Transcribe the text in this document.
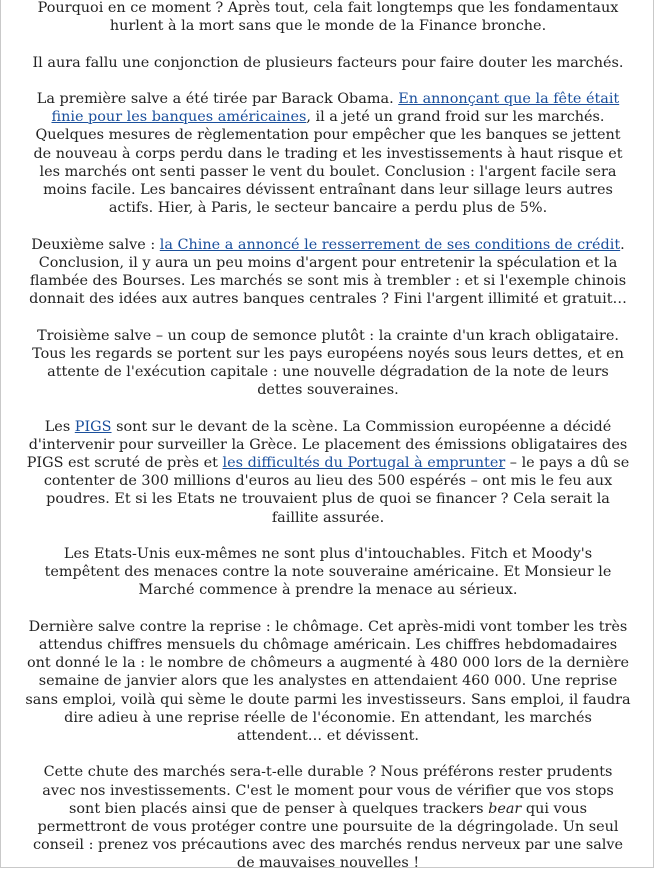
Pourquoi en ce moment ? Après tout, cela fait longtemps que les fondamentaux hurlent à la mort sans que le monde de la Finance bronche.

Il aura fallu une conjonction de plusieurs facteurs pour faire douter les marchés.

La première salve a été tirée par Barack Obama. En annonçant que la fête était finie pour les banques américaines, il a jeté un grand froid sur les marchés. Quelques mesures de règlementation pour empêcher que les banques se jettent de nouveau à corps perdu dans le trading et les investissements à haut risque et les marchés ont senti passer le vent du boulet. Conclusion : l'argent facile sera moins facile. Les bancaires dévissent entraînant dans leur sillage leurs autres actifs. Hier, à Paris, le secteur bancaire a perdu plus de 5%.

Deuxième salve : la Chine a annoncé le resserrement de ses conditions de crédit. Conclusion, il y aura un peu moins d'argent pour entretenir la spéculation et la flambée des Bourses. Les marchés se sont mis à trembler : et si l'exemple chinois donnait des idées aux autres banques centrales ? Fini l'argent illimité et gratuit…

Troisième salve – un coup de semonce plutôt : la crainte d'un krach obligataire. Tous les regards se portent sur les pays européens noyés sous leurs dettes, et en attente de l'exécution capitale : une nouvelle dégradation de la note de leurs dettes souveraines.

Les PIGS sont sur le devant de la scène. La Commission européenne a décidé d'intervenir pour surveiller la Grèce. Le placement des émissions obligataires des PIGS est scruté de près et les difficultés du Portugal à emprunter – le pays a dû se contenter de 300 millions d'euros au lieu des 500 espérés – ont mis le feu aux poudres. Et si les Etats ne trouvaient plus de quoi se financer ? Cela serait la faillite assurée.

Les Etats-Unis eux-mêmes ne sont plus d'intouchables. Fitch et Moody's tempêtent des menaces contre la note souveraine américaine. Et Monsieur le Marché commence à prendre la menace au sérieux.

Dernière salve contre la reprise : le chômage. Cet après-midi vont tomber les très attendus chiffres mensuels du chômage américain. Les chiffres hebdomadaires ont donné le la : le nombre de chômeurs a augmenté à 480 000 lors de la dernière semaine de janvier alors que les analystes en attendaient 460 000. Une reprise sans emploi, voilà qui sème le doute parmi les investisseurs. Sans emploi, il faudra dire adieu à une reprise réelle de l'économie. En attendant, les marchés attendent… et dévissent.

Cette chute des marchés sera-t-elle durable ? Nous préférons rester prudents avec nos investissements. C'est le moment pour vous de vérifier que vos stops sont bien placés ainsi que de penser à quelques trackers bear qui vous permettront de vous protéger contre une poursuite de la dégringolade. Un seul conseil : prenez vos précautions avec des marchés rendus nerveux par une salve de mauvaises nouvelles !
